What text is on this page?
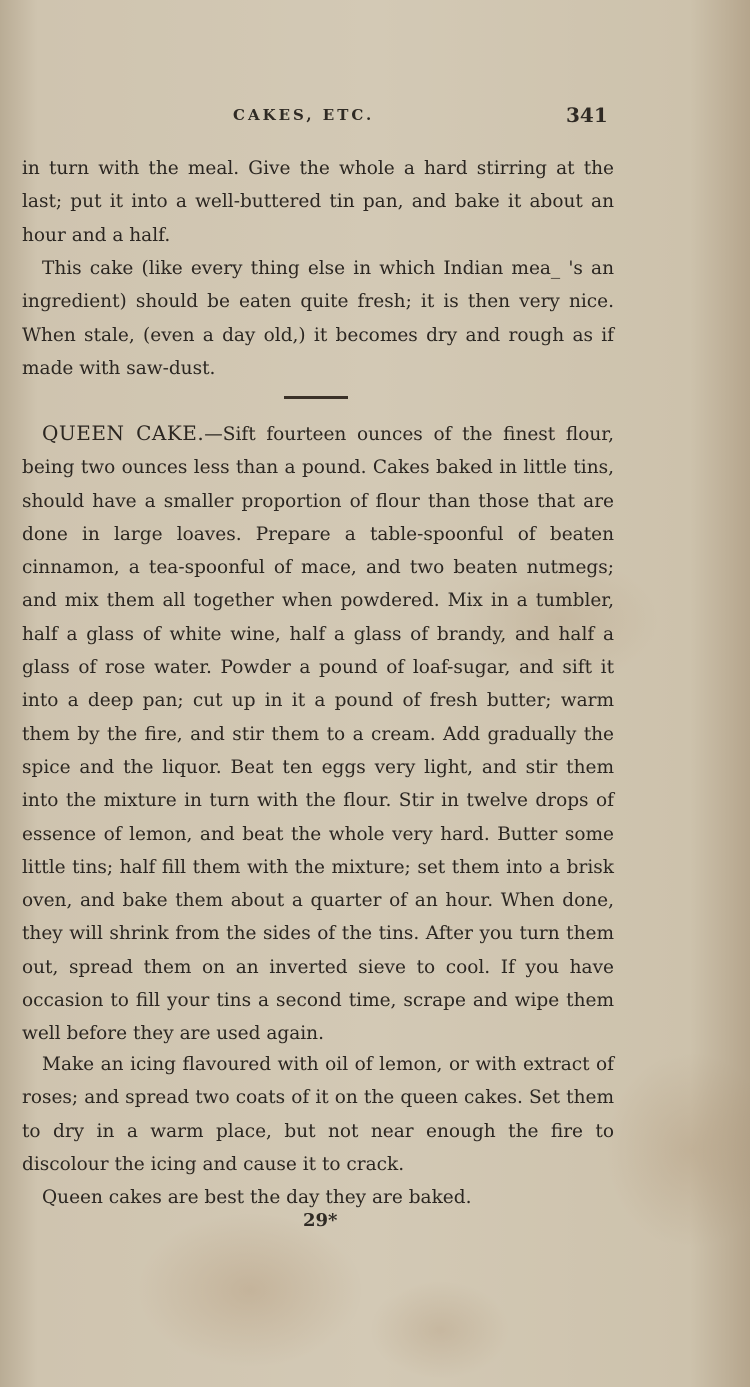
CAKES, ETC.	341

in turn with the meal. Give the whole a hard stirring at the last; put it into a well-buttered tin pan, and bake it about an hour and a half.

This cake (like every thing else in which Indian mea_ 's an ingredient) should be eaten quite fresh; it is then very nice. When stale, (even a day old,) it becomes dry and rough as if made with saw-dust.

QUEEN CAKE.—Sift fourteen ounces of the finest flour, being two ounces less than a pound. Cakes baked in little tins, should have a smaller proportion of flour than those that are done in large loaves. Prepare a table-spoonful of beaten cinnamon, a tea-spoonful of mace, and two beaten nutmegs; and mix them all together when powdered. Mix in a tumbler, half a glass of white wine, half a glass of brandy, and half a glass of rose water. Powder a pound of loaf-sugar, and sift it into a deep pan; cut up in it a pound of fresh butter; warm them by the fire, and stir them to a cream. Add gradually the spice and the liquor. Beat ten eggs very light, and stir them into the mixture in turn with the flour. Stir in twelve drops of essence of lemon, and beat the whole very hard. Butter some little tins; half fill them with the mixture; set them into a brisk oven, and bake them about a quarter of an hour. When done, they will shrink from the sides of the tins. After you turn them out, spread them on an inverted sieve to cool. If you have occasion to fill your tins a second time, scrape and wipe them well before they are used again.

Make an icing flavoured with oil of lemon, or with extract of roses; and spread two coats of it on the queen cakes. Set them to dry in a warm place, but not near enough the fire to discolour the icing and cause it to crack.

Queen cakes are best the day they are baked.

29*
